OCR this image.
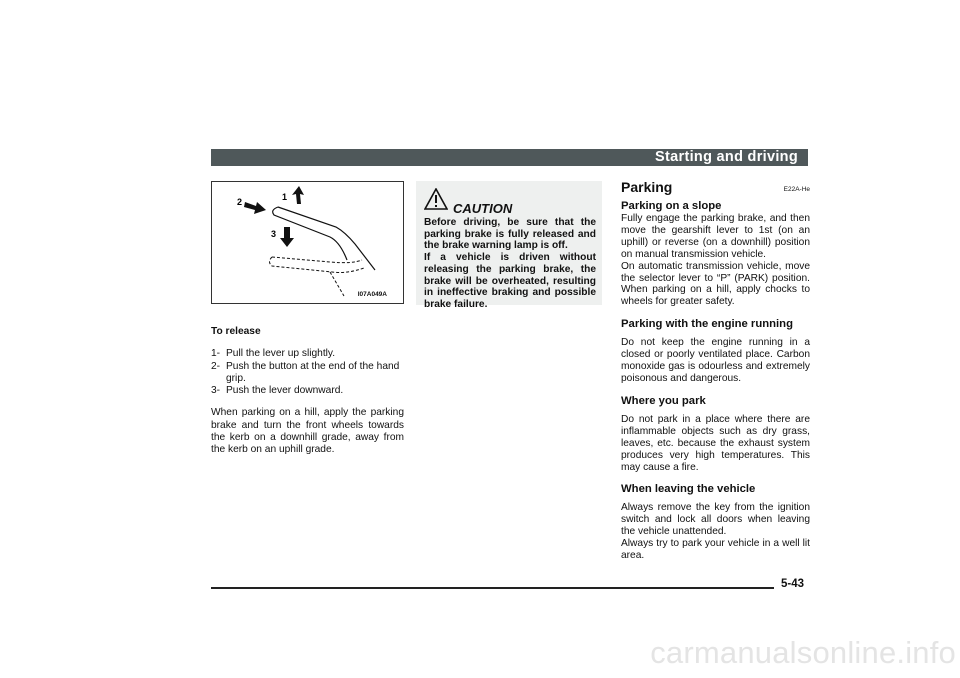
Starting and driving
2	1
3
I07A049A

To release

1- Pull the lever up slightly.
2- Push the button at the end of the hand grip.
3- Push the lever downward.

When parking on a hill, apply the parking brake and turn the front wheels towards the kerb on a downhill grade, away from the kerb on an uphill grade.

CAUTION

Before driving, be sure that the parking brake is fully released and the brake warning lamp is off.

If a vehicle is driven without releasing the parking brake, the brake will be overheated, resulting in ineffective braking and possible brake failure.

Parking	E22A-He
Parking on a slope

Fully engage the parking brake, and then move the gearshift lever to 1st (on an uphill) or reverse (on a downhill) position on manual transmission vehicle.

On automatic transmission vehicle, move the selector lever to “P” (PARK) position. When parking on a hill, apply chocks to wheels for greater safety.

Parking with the engine running

Do not keep the engine running in a closed or poorly ventilated place. Carbon monoxide gas is odourless and extremely poisonous and dangerous.

Where you park

Do not park in a place where there are inflammable objects such as dry grass, leaves, etc. because the exhaust system produces very high temperatures. This may cause a fire.

When leaving the vehicle

Always remove the key from the ignition switch and lock all doors when leaving the vehicle unattended.

Always try to park your vehicle in a well lit area.

5-43
carmanualsonline.info
